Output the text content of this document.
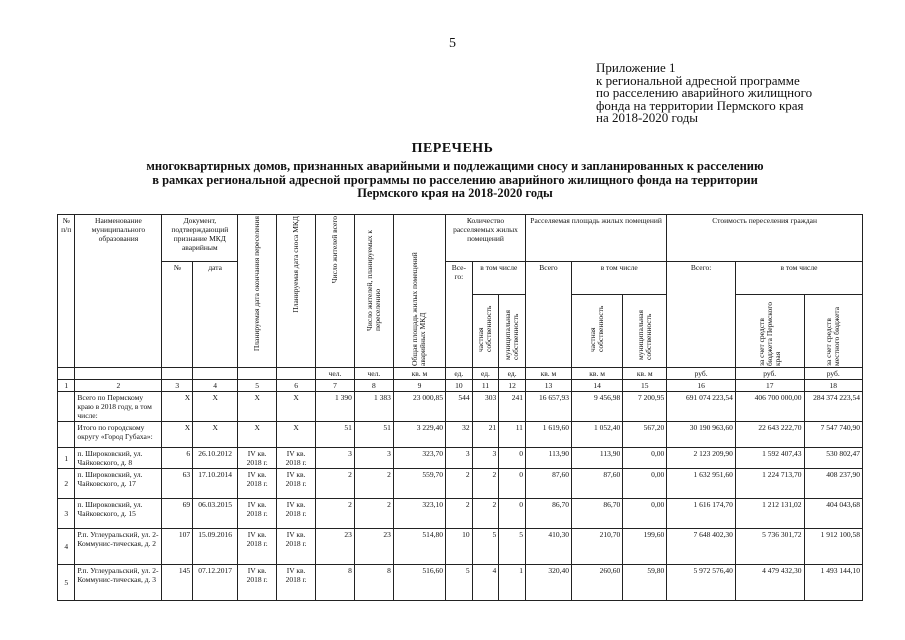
5
Приложение 1
к региональной адресной программе
по расселению аварийного жилищного
фонда на территории Пермского края
на 2018-2020 годы
ПЕРЕЧЕНЬ
многоквартирных домов, признанных аварийными и подлежащими сносу и запланированных к расселению
в рамках региональной адресной программы по расселению аварийного жилищного фонда на территории
Пермского края на 2018-2020 годы
№ п/п	Наименование муниципального образования	Документ, подтверждающий признание МКД аварийным		Планируемая дата окончания переселения	Планируемая дата сноса МКД	Число жителей всего	Число жителей, планируемых к переселению	Общая площадь жилых помещений аварийных МКД	Количество расселяемых жилых помещений			Расселяемая площадь жилых помещений			Стоимость переселения граждан		
		№	дата						Все-го:	в том числе		Всего	в том числе		Всего:	в том числе	

										частная собственность	муниципальная собственность		частная собственность	муниципальная собственность		за счет средств бюджета Пермского края	за счет средств местного бюджета

						чел.	чел.	кв. м	ед.	ед.	ед.	кв. м	кв. м	кв. м	руб.	руб.	руб.
1	2	3	4	5	6	7	8	9	10	11	12	13	14	15	16	17	18
	Всего по Пермскому краю в 2018 году, в том числе:	Х	Х	Х	Х	1 390	1 383	23 000,85	544	303	241	16 657,93	9 456,98	7 200,95	691 074 223,54	406 700 000,00	284 374 223,54
	Итого по городскому округу «Город Губаха»:	Х	Х	Х	Х	51	51	3 229,40	32	21	11	1 619,60	1 052,40	567,20	30 190 963,60	22 643 222,70	7 547 740,90
1	п. Широковский, ул. Чайковского, д. 8	6	26.10.2012	IV кв. 2018 г.	IV кв. 2018 г.	3	3	323,70	3	3	0	113,90	113,90	0,00	2 123 209,90	1 592 407,43	530 802,47
2	п. Широковский, ул. Чайковского, д. 17	63	17.10.2014	IV кв. 2018 г.	IV кв. 2018 г.	2	2	559,70	2	2	0	87,60	87,60	0,00	1 632 951,60	1 224 713,70	408 237,90
3	п. Широковский, ул. Чайковского, д. 15	69	06.03.2015	IV кв. 2018 г.	IV кв. 2018 г.	2	2	323,10	2	2	0	86,70	86,70	0,00	1 616 174,70	1 212 131,02	404 043,68
4	Р.п. Углеуральский, ул. 2-Коммунис-тическая, д. 2	107	15.09.2016	IV кв. 2018 г.	IV кв. 2018 г.	23	23	514,80	10	5	5	410,30	210,70	199,60	7 648 402,30	5 736 301,72	1 912 100,58
5	Р.п. Углеуральский, ул. 2-Коммунис-тическая, д. 3	145	07.12.2017	IV кв. 2018 г.	IV кв. 2018 г.	8	8	516,60	5	4	1	320,40	260,60	59,80	5 972 576,40	4 479 432,30	1 493 144,10
